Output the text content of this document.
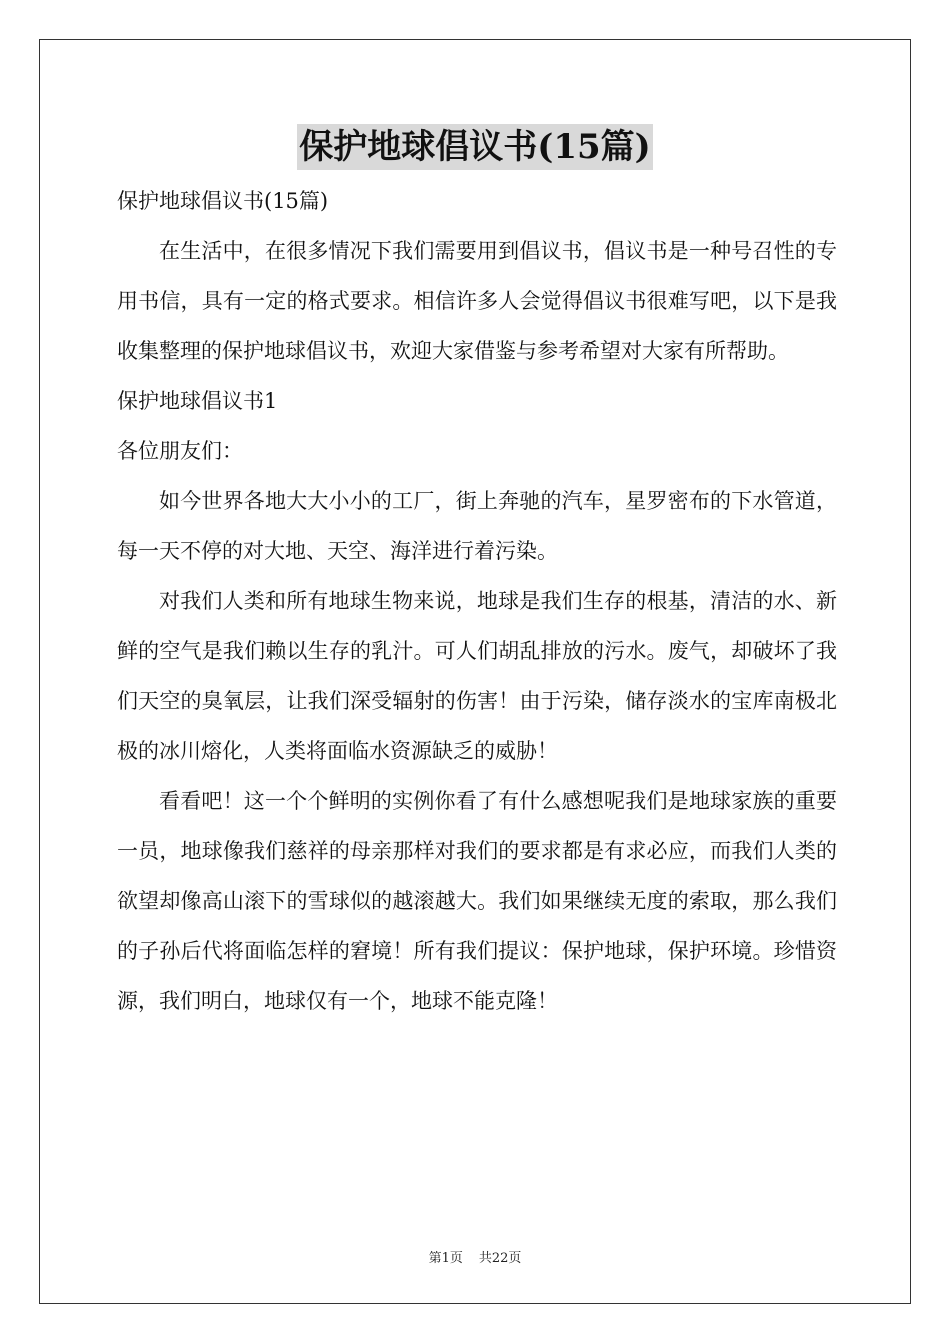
保护地球倡议书(15篇)

保护地球倡议书(15篇)

在生活中，在很多情况下我们需要用到倡议书，倡议书是一种号召性的专用书信，具有一定的格式要求。相信许多人会觉得倡议书很难写吧，以下是我收集整理的保护地球倡议书，欢迎大家借鉴与参考希望对大家有所帮助。

保护地球倡议书1

各位朋友们：

如今世界各地大大小小的工厂，街上奔驰的汽车，星罗密布的下水管道，每一天不停的对大地、天空、海洋进行着污染。

对我们人类和所有地球生物来说，地球是我们生存的根基，清洁的水、新鲜的空气是我们赖以生存的乳汁。可人们胡乱排放的污水。废气，却破坏了我们天空的臭氧层，让我们深受辐射的伤害！由于污染，储存淡水的宝库南极北极的冰川熔化，人类将面临水资源缺乏的威胁！

看看吧！这一个个鲜明的实例你看了有什么感想呢我们是地球家族的重要一员，地球像我们慈祥的母亲那样对我们的要求都是有求必应，而我们人类的欲望却像高山滚下的雪球似的越滚越大。我们如果继续无度的索取，那么我们的子孙后代将面临怎样的窘境！所有我们提议：保护地球，保护环境。珍惜资源，我们明白，地球仅有一个，地球不能克隆！

第1页 共22页
